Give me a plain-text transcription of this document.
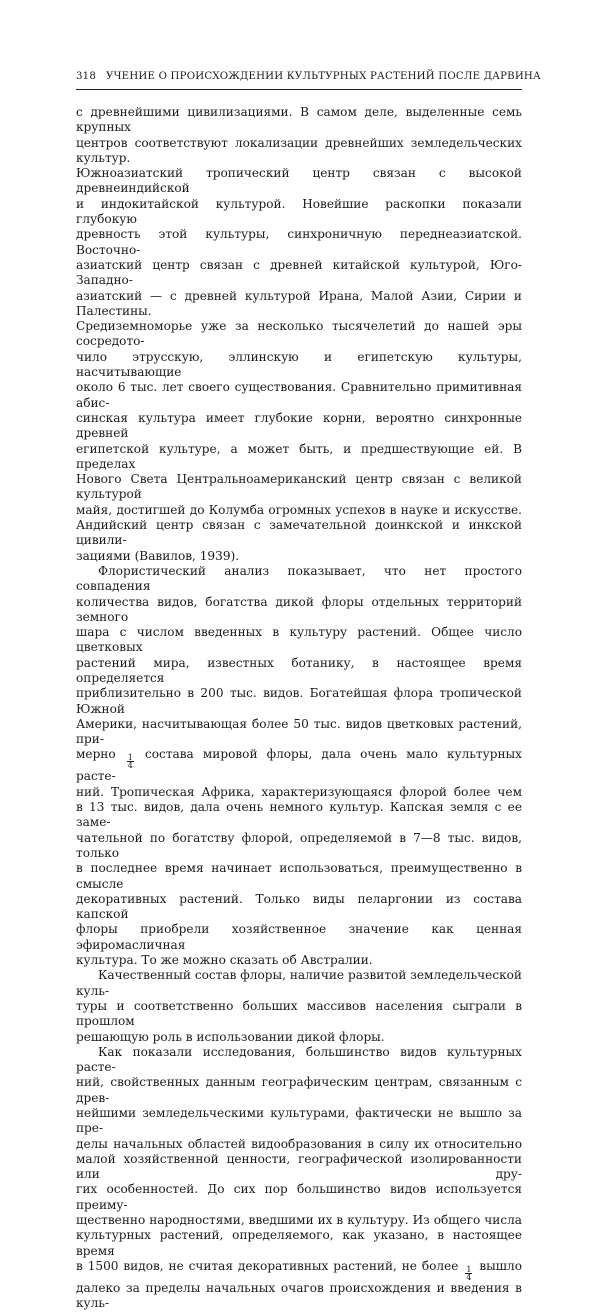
318 УЧЕНИЕ О ПРОИСХОЖДЕНИИ КУЛЬТУРНЫХ РАСТЕНИЙ ПОСЛЕ ДАРВИНА

с древнейшими цивилизациями. В самом деле, выделенные семь крупных

центров соответствуют локализации древнейших земледельческих культур.

Южноазиатский тропический центр связан с высокой древнеиндийской

и индокитайской культурой. Новейшие раскопки показали глубокую

древность этой культуры, синхроничную переднеазиатской. Восточно-

азиатский центр связан с древней китайской культурой, Юго-Западно-

азиатский — с древней культурой Ирана, Малой Азии, Сирии и Палестины.

Средиземноморье уже за несколько тысячелетий до нашей эры сосредото-

чило этрусскую, эллинскую и египетскую культуры, насчитывающие

около 6 тыс. лет своего существования. Сравнительно примитивная абис-

синская культура имеет глубокие корни, вероятно синхронные древней

египетской культуре, а может быть, и предшествующие ей. В пределах

Нового Света Центральноамериканский центр связан с великой культурой

майя, достигшей до Колумба огромных успехов в науке и искусстве.

Андийский центр связан с замечательной доинкской и инкской цивили-

зациями (Вавилов, 1939).

Флористический анализ показывает, что нет простого совпадения

количества видов, богатства дикой флоры отдельных территорий земного

шара с числом введенных в культуру растений. Общее число цветковых

растений мира, известных ботанику, в настоящее время определяется

приблизительно в 200 тыс. видов. Богатейшая флора тропической Южной

Америки, насчитывающая более 50 тыс. видов цветковых растений, при-

мерно $\frac{1}{4}$ состава мировой флоры, дала очень мало культурных расте-

ний. Тропическая Африка, характеризующаяся флорой более чем

в 13 тыс. видов, дала очень немного культур. Капская земля с ее заме-

чательной по богатству флорой, определяемой в 7—8 тыс. видов, только

в последнее время начинает использоваться, преимущественно в смысле

декоративных растений. Только виды пеларгонии из состава капской

флоры приобрели хозяйственное значение как ценная эфиромасличная

культура. То же можно сказать об Австралии.

Качественный состав флоры, наличие развитой земледельческой куль-

туры и соответственно больших массивов населения сыграли в прошлом

решающую роль в использовании дикой флоры.

Как показали исследования, большинство видов культурных расте-

ний, свойственных данным географическим центрам, связанным с древ-

нейшими земледельческими культурами, фактически не вышло за пре-

делы начальных областей видообразования в силу их относительно

малой хозяйственной ценности, географической изолированности или дру-

гих особенностей. До сих пор большинство видов используется преиму-

щественно народностями, введшими их в культуру. Из общего числа

культурных растений, определяемого, как указано, в настоящее время

в 1500 видов, не считая декоративных растений, не более $\frac{1}{4}$ вышло

далеко за пределы начальных очагов происхождения и введения в куль-
